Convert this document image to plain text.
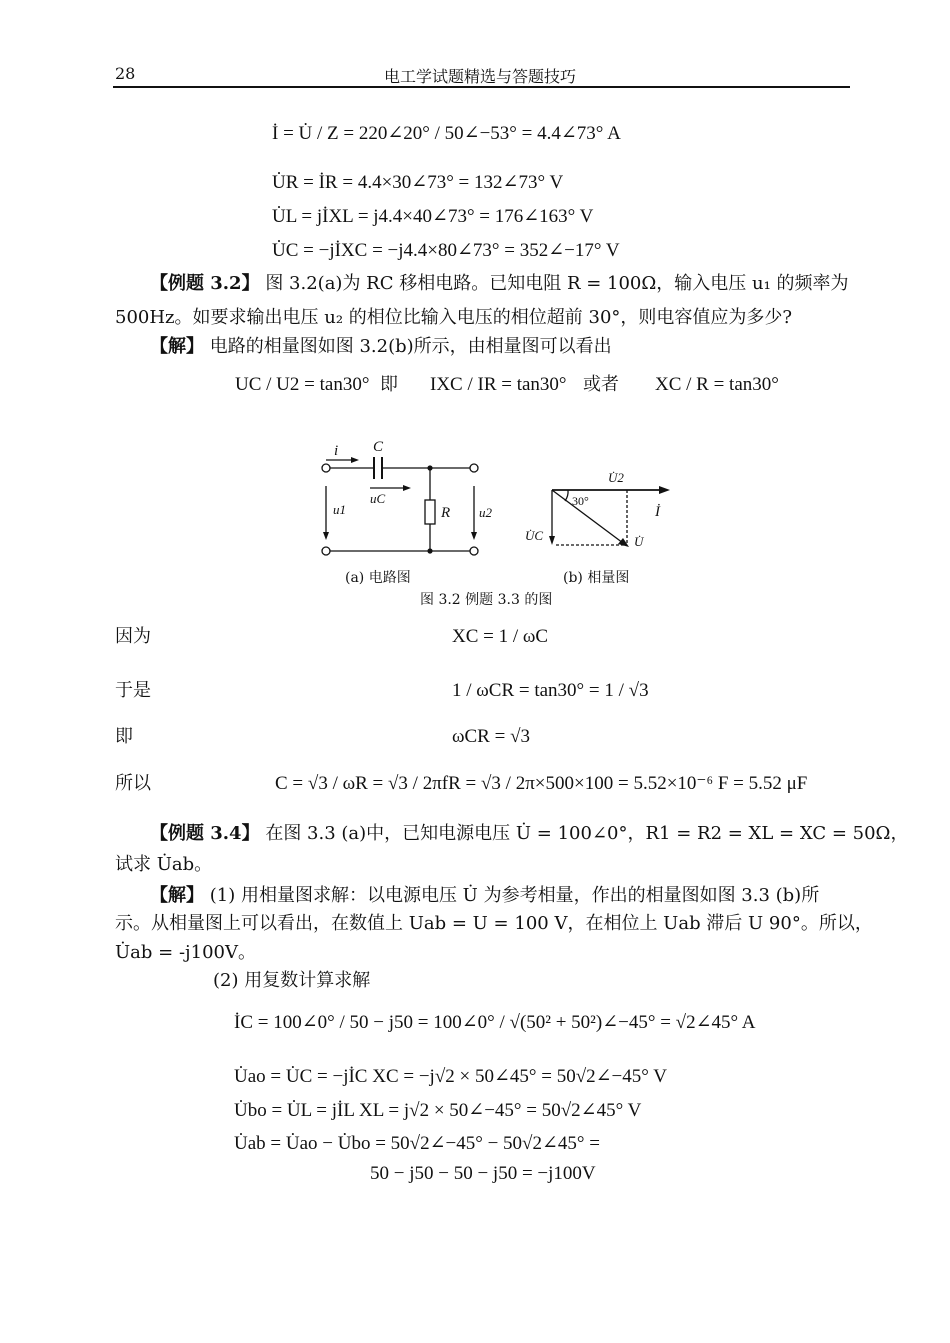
28	电工学试题精选与答题技巧
İ = U̇ / Z = 220∠20° / 50∠−53° = 4.4∠73° A
U̇R = İR = 4.4×30∠73° = 132∠73° V
U̇L = jİXL = j4.4×40∠73° = 176∠163° V
U̇C = −jİXC = −j4.4×80∠73° = 352∠−17° V
【例题 3.2】 图 3.2(a)为 RC 移相电路。已知电阻 R = 100Ω，输入电压 u₁ 的频率为
500Hz。如要求输出电压 u₂ 的相位比输入电压的相位超前 30°，则电容值应为多少?
【解】 电路的相量图如图 3.2(b)所示，由相量图可以看出
UC / U2 = tan30° 即 IXC / IR = tan30° 或者 XC / R = tan30°
i C
uC
u1	R u2
U̇2
30°
İ
U̇C	U̇
(a) 电路图	(b) 相量图
图 3.2 例题 3.3 的图
因为	XC = 1 / ωC
于是	1 / ωCR = tan30° = 1 / √3
即	ωCR = √3
所以	C = √3 / ωR = √3 / 2πfR = √3 / 2π×500×100 = 5.52×10⁻⁶ F = 5.52 μF
【例题 3.4】 在图 3.3 (a)中，已知电源电压 U̇ = 100∠0°，R1 = R2 = XL = XC = 50Ω，
试求 U̇ab。
【解】 (1) 用相量图求解：以电源电压 U̇ 为参考相量，作出的相量图如图 3.3 (b)所
示。从相量图上可以看出，在数值上 Uab = U = 100 V，在相位上 Uab 滞后 U 90°。所以，
U̇ab = -j100V。
(2) 用复数计算求解
İC = 100∠0° / 50 − j50 = 100∠0° / √(50² + 50²)∠−45° = √2∠45° A
U̇ao = U̇C = −jİC XC = −j√2 × 50∠45° = 50√2∠−45° V
U̇bo = U̇L = jİL XL = j√2 × 50∠−45° = 50√2∠45° V
U̇ab = U̇ao − U̇bo = 50√2∠−45° − 50√2∠45° =
50 − j50 − 50 − j50 = −j100V
